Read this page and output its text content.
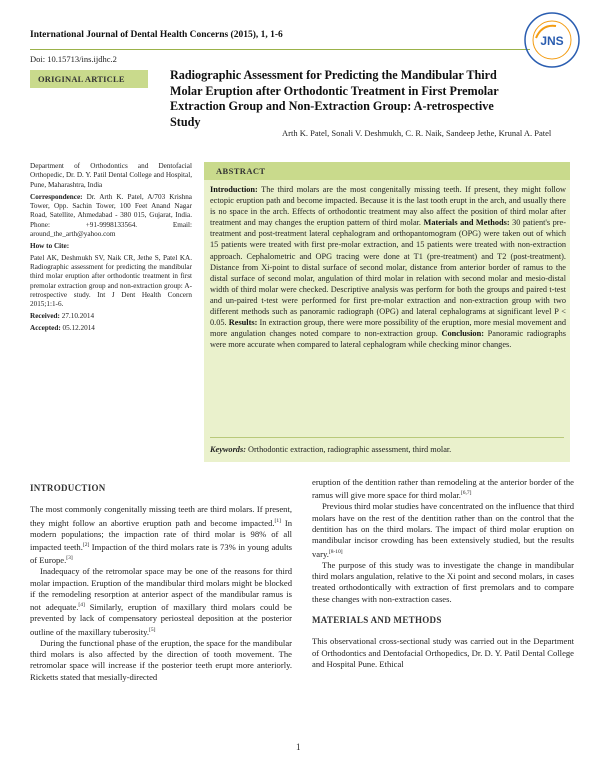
International Journal of Dental Health Concerns (2015), 1, 1-6
Doi: 10.15713/ins.ijdhc.2
JNS
ORIGINAL ARTICLE	Radiographic Assessment for Predicting the Mandibular Third Molar Eruption after Orthodontic Treatment in First Premolar Extraction Group and Non-Extraction Group: A-retrospective Study
Arth K. Patel, Sonali V. Deshmukh, C. R. Naik, Sandeep Jethe, Krunal A. Patel

Department of Orthodontics and Dentofacial Orthopedic, Dr. D. Y. Patil Dental College and Hospital, Pune, Maharashtra, India

Correspondence: Dr. Arth K. Patel, A/703 Krishna Tower, Opp. Sachin Tower, 100 Feet Anand Nagar Road, Satellite, Ahmedabad - 380 015, Gujarat, India. Phone: +91-9998133564. Email: around_the_arth@yahoo.com

How to Cite:

Patel AK, Deshmukh SV, Naik CR, Jethe S, Patel KA. Radiographic assessment for predicting the mandibular third molar eruption after orthodontic treatment in first premolar extraction group and non-extraction group: A-retrospective study. Int J Dent Health Concern 2015;1:1-6.

Received: 27.10.2014

Accepted: 05.12.2014

ABSTRACT
Introduction: The third molars are the most congenitally missing teeth. If present, they might follow ectopic eruption path and become impacted. Because it is the last tooth erupt in the arch, and usually there is no space in the arch. Effects of orthodontic treatment may also affect the position of third molar after treatment and may changes the eruption pattern of third molar. Materials and Methods: 30 patient's pre-treatment and post-treatment lateral cephalogram and orthopantomogram (OPG) were taken out of which 15 patients were treated with first pre-molar extraction, and 15 patients were treated with non-extraction approach. Cephalometric and OPG tracing were done at T1 (pre-treatment) and T2 (post-treatment). Distance from Xi-point to distal surface of second molar, distance from anterior border of ramus to the distal surface of second molar, angulation of third molar in relation with second molar and mesio-distal width of third molar were checked. Descriptive analysis was perform for both the groups and paired t-test and un-paired t-test were performed for first pre-molar extraction and non-extraction group with two different methods such as panoramic radiograph (OPG) and lateral cephalograms at significant level P < 0.05. Results: In extraction group, there were more possibility of the eruption, more mesial movement and more angulation changes noted compare to non-extraction group. Conclusion: Panoramic radiographs were more accurate when compared to lateral cephalogram while checking minor changes.
Keywords: Orthodontic extraction, radiographic assessment, third molar.
INTRODUCTION

The most commonly congenitally missing teeth are third molars. If present, they might follow an abortive eruption path and become impacted.[1] In modern populations; the impaction rate of third molar is 98% of all impacted teeth.[2] Impaction of the third molars rate is 73% in young adults of Europe.[3]

Inadequacy of the retromolar space may be one of the reasons for third molar impaction. Eruption of the mandibular third molars might be blocked if the remodeling resorption at anterior aspect of the mandibular ramus is not adequate.[4] Similarly, eruption of maxillary third molars could be prevented by lack of compensatory periosteal deposition at the posterior outline of the maxillary tuberosity.[5]

During the functional phase of the eruption, the space for the mandibular third molars is also affected by the direction of tooth movement. The retromolar space will increase if the posterior teeth erupt more anteriorly. Ricketts stated that mesially-directed

eruption of the dentition rather than remodeling at the anterior border of the ramus will give more space for third molar.[6,7]

Previous third molar studies have concentrated on the influence that third molars have on the rest of the dentition rather than on the control that the dentition has on the third molars. The impact of third molar eruption on mandibular incisor crowding has been extensively studied, but the results vary.[8-10]

The purpose of this study was to investigate the change in mandibular third molars angulation, relative to the Xi point and second molars, in cases treated orthodontically with extraction of first premolars and to compare these changes with non-extraction cases.

MATERIALS AND METHODS

This observational cross-sectional study was carried out in the Department of Orthodontics and Dentofacial Orthopedics, Dr. D. Y. Patil Dental College and Hospital Pune. Ethical

1
